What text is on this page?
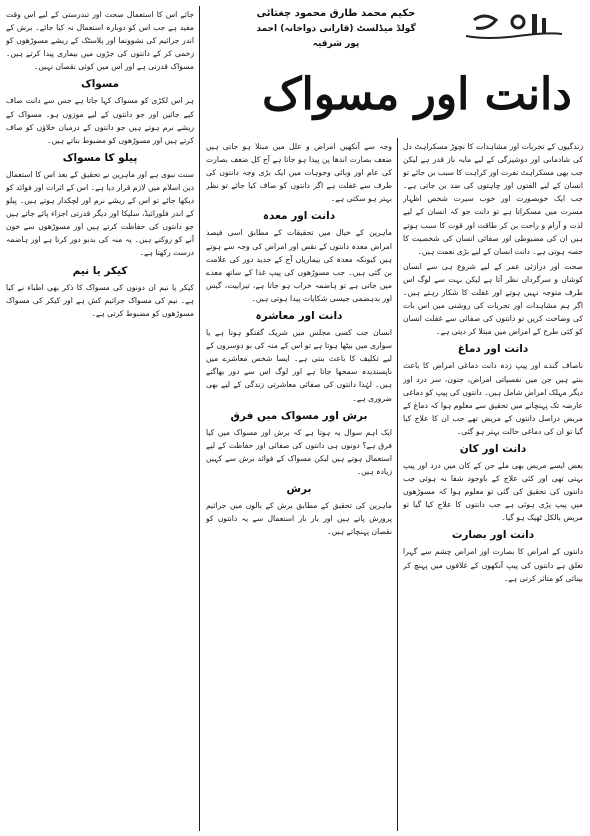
حکیم محمد طارق محمود چغتائی
گولڈ میڈلسٹ (قارانی دواخانہ) احمد پور شرقیہ
دانت اور مسواک

زندگیوں کے تجربات اور مشاہدات کا نچوڑ مسکراہٹ دل کی شادمانی اور دوشیزگی کے لیے مایہ ناز قدر ہے لیکن جب بھی مسکراہٹ نفرت اور کراہت کا سبب بن جائے تو انسان کے لیے الفتوں اور چاہتوں کی ضد بن جاتی ہے۔ جب ایک خوبصورت اور خوب سیرت شخص اظہار مسرت میں مسکراتا ہے تو دانت جو کہ انسان کے لیے لذت و آرام و راحت بن کر طاقت اور قوت کا سبب ہوتے ہیں ان کی مضبوطی اور صفائی انسان کی شخصیت کا حصہ ہوتی ہے۔ دانت انسان کے لیے بڑی نعمت ہیں۔

صحت اور درازئی عمر کے لیے شروع ہی سے انسان کوشاں و سرگرداں نظر آتا ہے لیکن بہت سے لوگ اس طرف متوجہ نہیں ہوتے اور غفلت کا شکار رہتے ہیں۔ اگر ہم مشاہدات اور تجربات کی روشنی میں اس بات کی وضاحت کریں تو دانتوں کی صفائی سے غفلت انسان کو کئی طرح کے امراض میں مبتلا کر دیتی ہے۔

دانت اور دماغ

ناصاف گندے اور پیپ زدہ دانت دماغی امراض کا باعث بنتے ہیں جن میں نفسیاتی امراض، جنون، سر درد اور دیگر مہلک امراض شامل ہیں۔ دانتوں کی پیپ کو دماغی عارضہ تک پہنچانے میں تحقیق سے معلوم ہوا کہ دماغ کے مریض دراصل دانتوں کے مریض تھے جب ان کا علاج کیا گیا تو ان کی دماغی حالت بہتر ہو گئی۔

دانت اور کان

بعض ایسے مریض بھی ملے جن کے کان میں درد اور پیپ بہتی تھی اور کئی علاج کے باوجود شفا نہ ہوئی جب دانتوں کی تحقیق کی گئی تو معلوم ہوا کہ مسوڑھوں میں پیپ پڑی ہوئی ہے جب دانتوں کا علاج کیا گیا تو مریض بالکل ٹھیک ہو گیا۔

دانت اور بصارت

دانتوں کے امراض کا بصارت اور امراض چشم سے گہرا تعلق ہے دانتوں کی پیپ آنکھوں کے غلافوں میں پہنچ کر بینائی کو متاثر کرتی ہے۔

وجہ سے آنکھیں امراض و علل میں مبتلا ہو جاتی ہیں ضعف بصارت اندھا پن پیدا ہو جاتا ہے آج کل ضعف بصارت کی عام اور وبائی وجوہات میں ایک بڑی وجہ دانتوں کی طرف سے غفلت ہے اگر دانتوں کو صاف کیا جائے تو نظر بہتر ہو سکتی ہے۔

دانت اور معدہ

ماہرین کے خیال میں تحقیقات کے مطابق اسی فیصد امراض معدہ دانتوں کے نقص اور امراض کی وجہ سے ہوتے ہیں کیونکہ معدہ کی بیماریاں آج کے جدید دور کی علامت بن گئی ہیں۔ جب مسوڑھوں کی پیپ غذا کے ساتھ معدے میں جاتی ہے تو ہاضمہ خراب ہو جاتا ہے، تیزابیت، گیس اور بدہضمی جیسی شکایات پیدا ہوتی ہیں۔

دانت اور معاشرہ

انسان جب کسی مجلس میں شریک گفتگو ہوتا ہے یا سواری میں بیٹھا ہوتا ہے تو اس کے منہ کی بو دوسروں کے لیے تکلیف کا باعث بنتی ہے۔ ایسا شخص معاشرے میں ناپسندیدہ سمجھا جاتا ہے اور لوگ اس سے دور بھاگتے ہیں۔ لہٰذا دانتوں کی صفائی معاشرتی زندگی کے لیے بھی ضروری ہے۔

برش اور مسواک میں فرق

ایک اہم سوال یہ ہوتا ہے کہ برش اور مسواک میں کیا فرق ہے؟ دونوں ہی دانتوں کی صفائی اور حفاظت کے لیے استعمال ہوتے ہیں لیکن مسواک کے فوائد برش سے کہیں زیادہ ہیں۔

برش

ماہرین کی تحقیق کے مطابق برش کے بالوں میں جراثیم پرورش پاتے ہیں اور بار بار استعمال سے یہ دانتوں کو نقصان پہنچاتے ہیں۔

جائے اس کا استعمال صحت اور تندرستی کے لیے اس وقت مفید ہے جب اس کو دوبارہ استعمال نہ کیا جائے۔ برش کے اندر جراثیم کی نشوونما اور پلاسٹک کے ریشے مسوڑھوں کو زخمی کر کے دانتوں کی جڑوں میں بیماری پیدا کرتے ہیں۔ مسواک قدرتی ہے اور اس میں کوئی نقصان نہیں۔

مسواک

ہر اس لکڑی کو مسواک کہا جاتا ہے جس سے دانت صاف کیے جائیں اور جو دانتوں کے لیے موزوں ہو۔ مسواک کے ریشے نرم ہوتے ہیں جو دانتوں کے درمیان خلاؤں کو صاف کرتے ہیں اور مسوڑھوں کو مضبوط بناتے ہیں۔

پیلو کا مسواک

سنت نبوی ہے اور ماہرین نے تحقیق کے بعد اس کا استعمال دین اسلام میں لازم قرار دیا ہے۔ اس کے اثرات اور فوائد کو دیکھا جائے تو اس کے ریشے نرم اور لچکدار ہوتے ہیں۔ پیلو کے اندر فلورائیڈ، سلیکا اور دیگر قدرتی اجزاء پائے جاتے ہیں جو دانتوں کی حفاظت کرتے ہیں اور مسوڑھوں سے خون آنے کو روکتے ہیں۔ یہ منہ کی بدبو دور کرتا ہے اور ہاضمہ درست رکھتا ہے۔

کیکر یا نیم

کیکر یا نیم ان دونوں کی مسواک کا ذکر بھی اطباء نے کیا ہے۔ نیم کی مسواک جراثیم کش ہے اور کیکر کی مسواک مسوڑھوں کو مضبوط کرتی ہے۔
